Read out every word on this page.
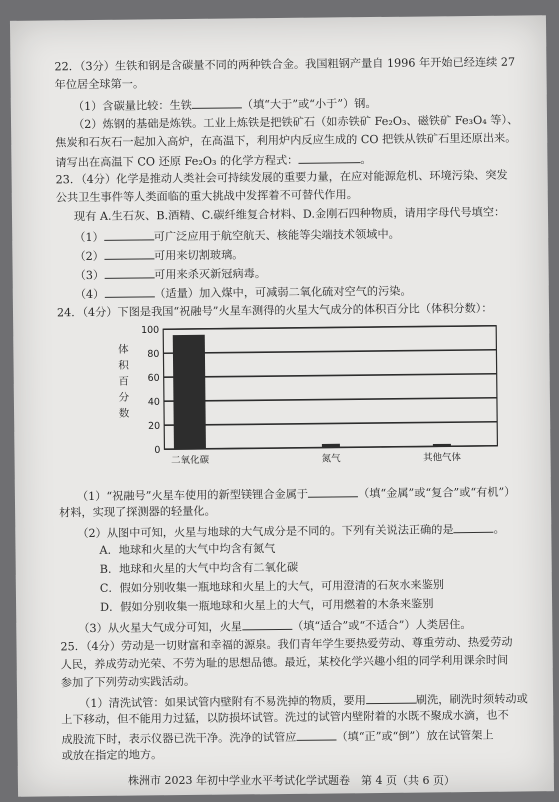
22．（3分）生铁和钢是含碳量不同的两种铁合金。我国粗钢产量自 1996 年开始已经连续 27
年位居全球第一。
（1）含碳量比较：生铁	（填“大于”或“小于”）钢。
（2）炼钢的基础是炼铁。工业上炼铁是把铁矿石（如赤铁矿 Fe₂O₃、磁铁矿 Fe₃O₄ 等）、
焦炭和石灰石一起加入高炉，在高温下，利用炉内反应生成的 CO 把铁从铁矿石里还原出来。
请写出在高温下 CO 还原 Fe₂O₃ 的化学方程式：	。
23．（4分）化学是推动人类社会可持续发展的重要力量，在应对能源危机、环境污染、突发
公共卫生事件等人类面临的重大挑战中发挥着不可替代作用。
现有 A.生石灰、B.酒精、C.碳纤维复合材料、D.金刚石四种物质，请用字母代号填空：
（1）	可广泛应用于航空航天、核能等尖端技术领域中。
（2）	可用来切割玻璃。
（3）	可用来杀灭新冠病毒。
（4）	（适量）加入煤中，可减弱二氧化硫对空气的污染。
24．（4分）下图是我国“祝融号”火星车测得的火星大气成分的体积百分比（体积分数）：
体积百分数
0
20
40
60
80
100
二氧化碳	氮气	其他气体
（1）“祝融号”火星车使用的新型镁锂合金属于	（填“金属”或“复合”或“有机”）
材料，实现了探测器的轻量化。
（2）从图中可知，火星与地球的大气成分是不同的。下列有关说法正确的是	。
A．地球和火星的大气中均含有氮气
B．地球和火星的大气中均含有二氧化碳
C．假如分别收集一瓶地球和火星上的大气，可用澄清的石灰水来鉴别
D．假如分别收集一瓶地球和火星上的大气，可用燃着的木条来鉴别
（3）从火星大气成分可知，火星	（填“适合”或“不适合”）人类居住。
25．（4分）劳动是一切财富和幸福的源泉。我们青年学生要热爱劳动、尊重劳动、热爱劳动
人民，养成劳动光荣、不劳为耻的思想品德。最近，某校化学兴趣小组的同学利用课余时间
参加了下列劳动实践活动。
（1）清洗试管：如果试管内壁附有不易洗掉的物质，要用	刷洗，刷洗时须转动或
上下移动，但不能用力过猛，以防损坏试管。洗过的试管内壁附着的水既不聚成水滴，也不
成股流下时，表示仪器已洗干净。洗净的试管应	（填“正”或“倒”）放在试管架上
或放在指定的地方。
株洲市 2023 年初中学业水平考试化学试题卷　第 4 页（共 6 页）
